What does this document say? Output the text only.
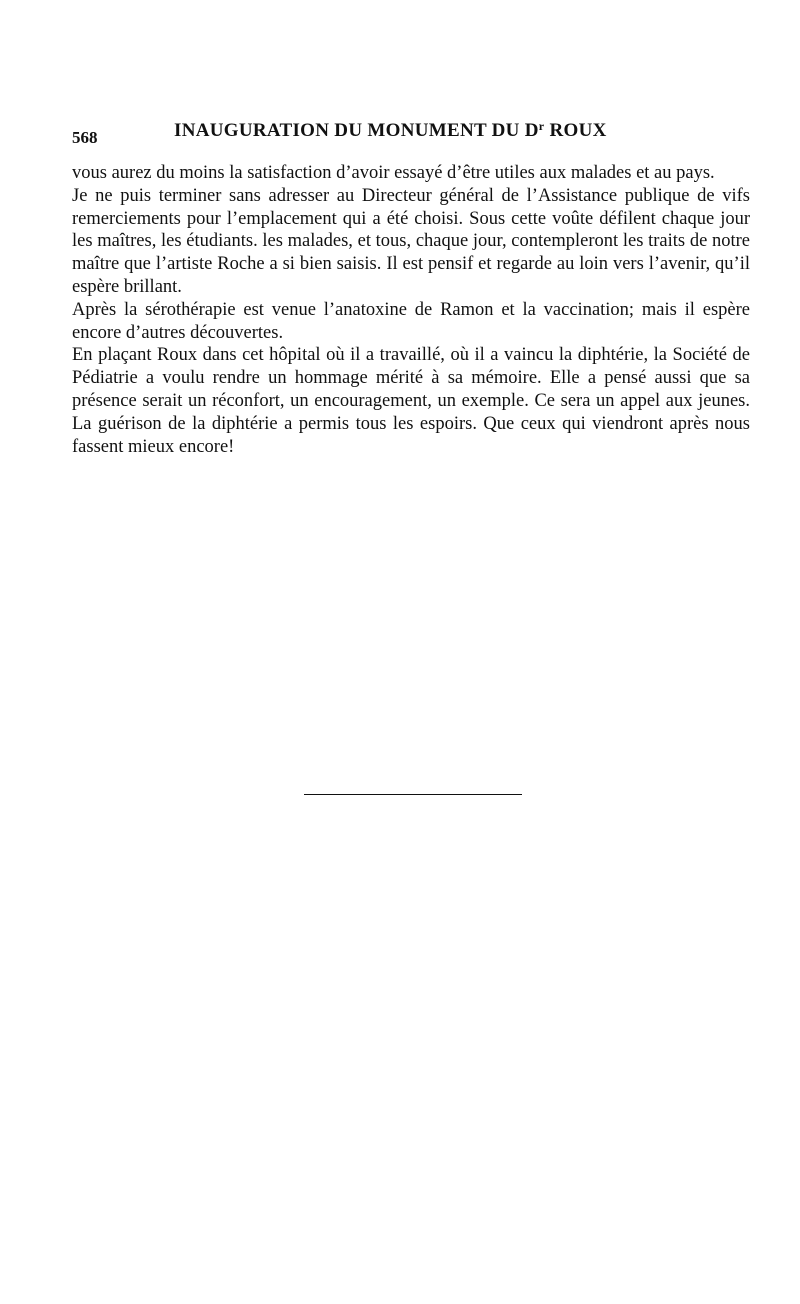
568	INAUGURATION DU MONUMENT DU $D^r$ ROUX

vous aurez du moins la satisfaction d’avoir essayé d’être utiles aux malades et au pays.

Je ne puis terminer sans adresser au Directeur général de l’Assistance publique de vifs remerciements pour l’emplacement qui a été choisi. Sous cette voûte défilent chaque jour les maîtres, les étudiants. les malades, et tous, chaque jour, contempleront les traits de notre maître que l’artiste Roche a si bien saisis. Il est pensif et regarde au loin vers l’avenir, qu’il espère brillant.

Après la sérothérapie est venue l’anatoxine de Ramon et la vaccination; mais il espère encore d’autres découvertes.

En plaçant Roux dans cet hôpital où il a travaillé, où il a vaincu la diphtérie, la Société de Pédiatrie a voulu rendre un hommage mérité à sa mémoire. Elle a pensé aussi que sa présence serait un réconfort, un encouragement, un exemple. Ce sera un appel aux jeunes. La guérison de la diphtérie a permis tous les espoirs. Que ceux qui viendront après nous fassent mieux encore!
